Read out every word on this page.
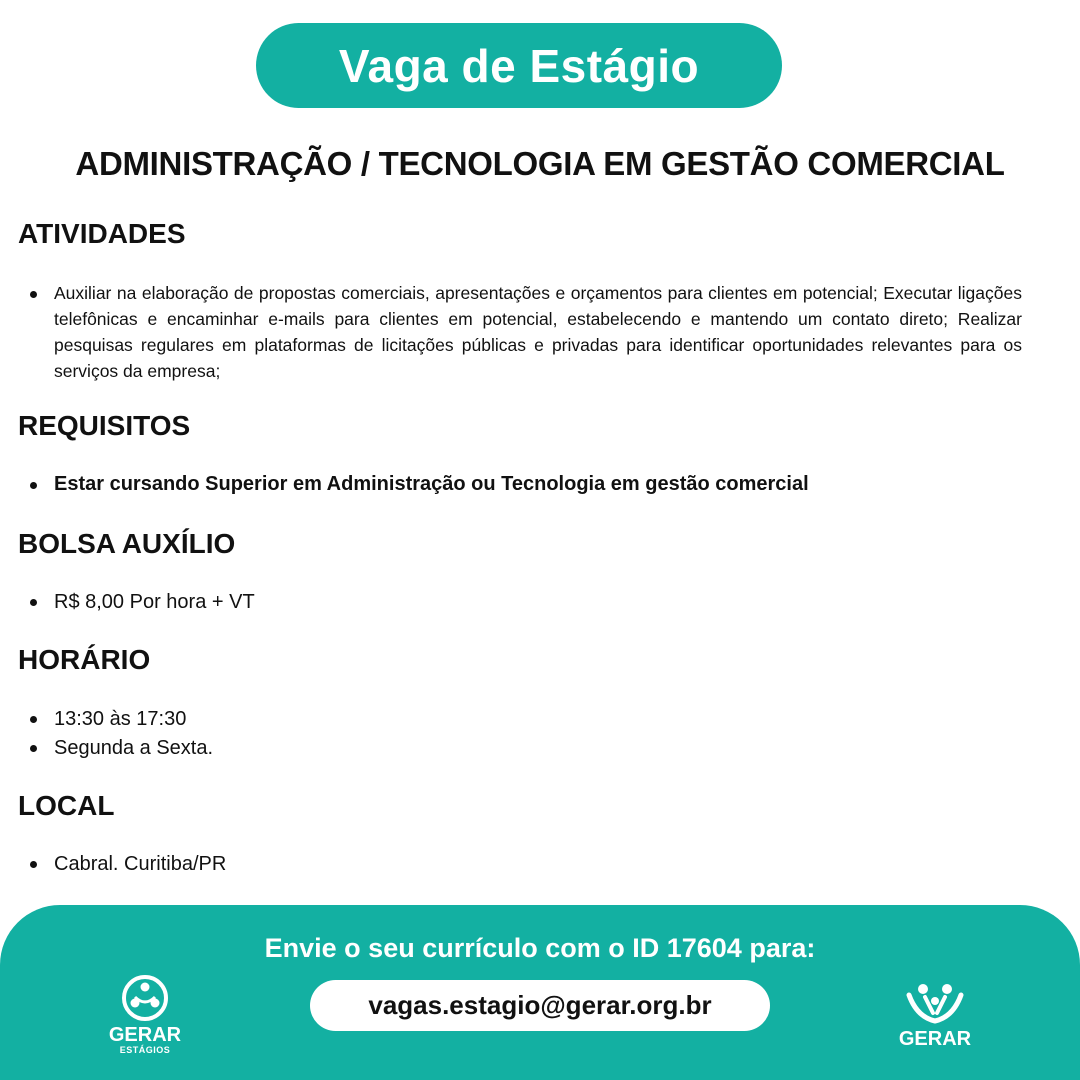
Vaga de Estágio
ADMINISTRAÇÃO / TECNOLOGIA EM GESTÃO COMERCIAL
ATIVIDADES
Auxiliar na elaboração de propostas comerciais, apresentações e orçamentos para clientes em potencial; Executar ligações telefônicas e encaminhar e-mails para clientes em potencial, estabelecendo e mantendo um contato direto; Realizar pesquisas regulares em plataformas de licitações públicas e privadas para identificar oportunidades relevantes para os serviços da empresa;
REQUISITOS
Estar cursando Superior em Administração ou Tecnologia em gestão comercial
BOLSA AUXÍLIO
R$ 8,00 Por hora + VT
HORÁRIO
13:30 às 17:30
Segunda a Sexta.
LOCAL
Cabral. Curitiba/PR
Envie o seu currículo com o ID 17604 para:
vagas.estagio@gerar.org.br
GERAR
ESTÁGIOS	GERAR
